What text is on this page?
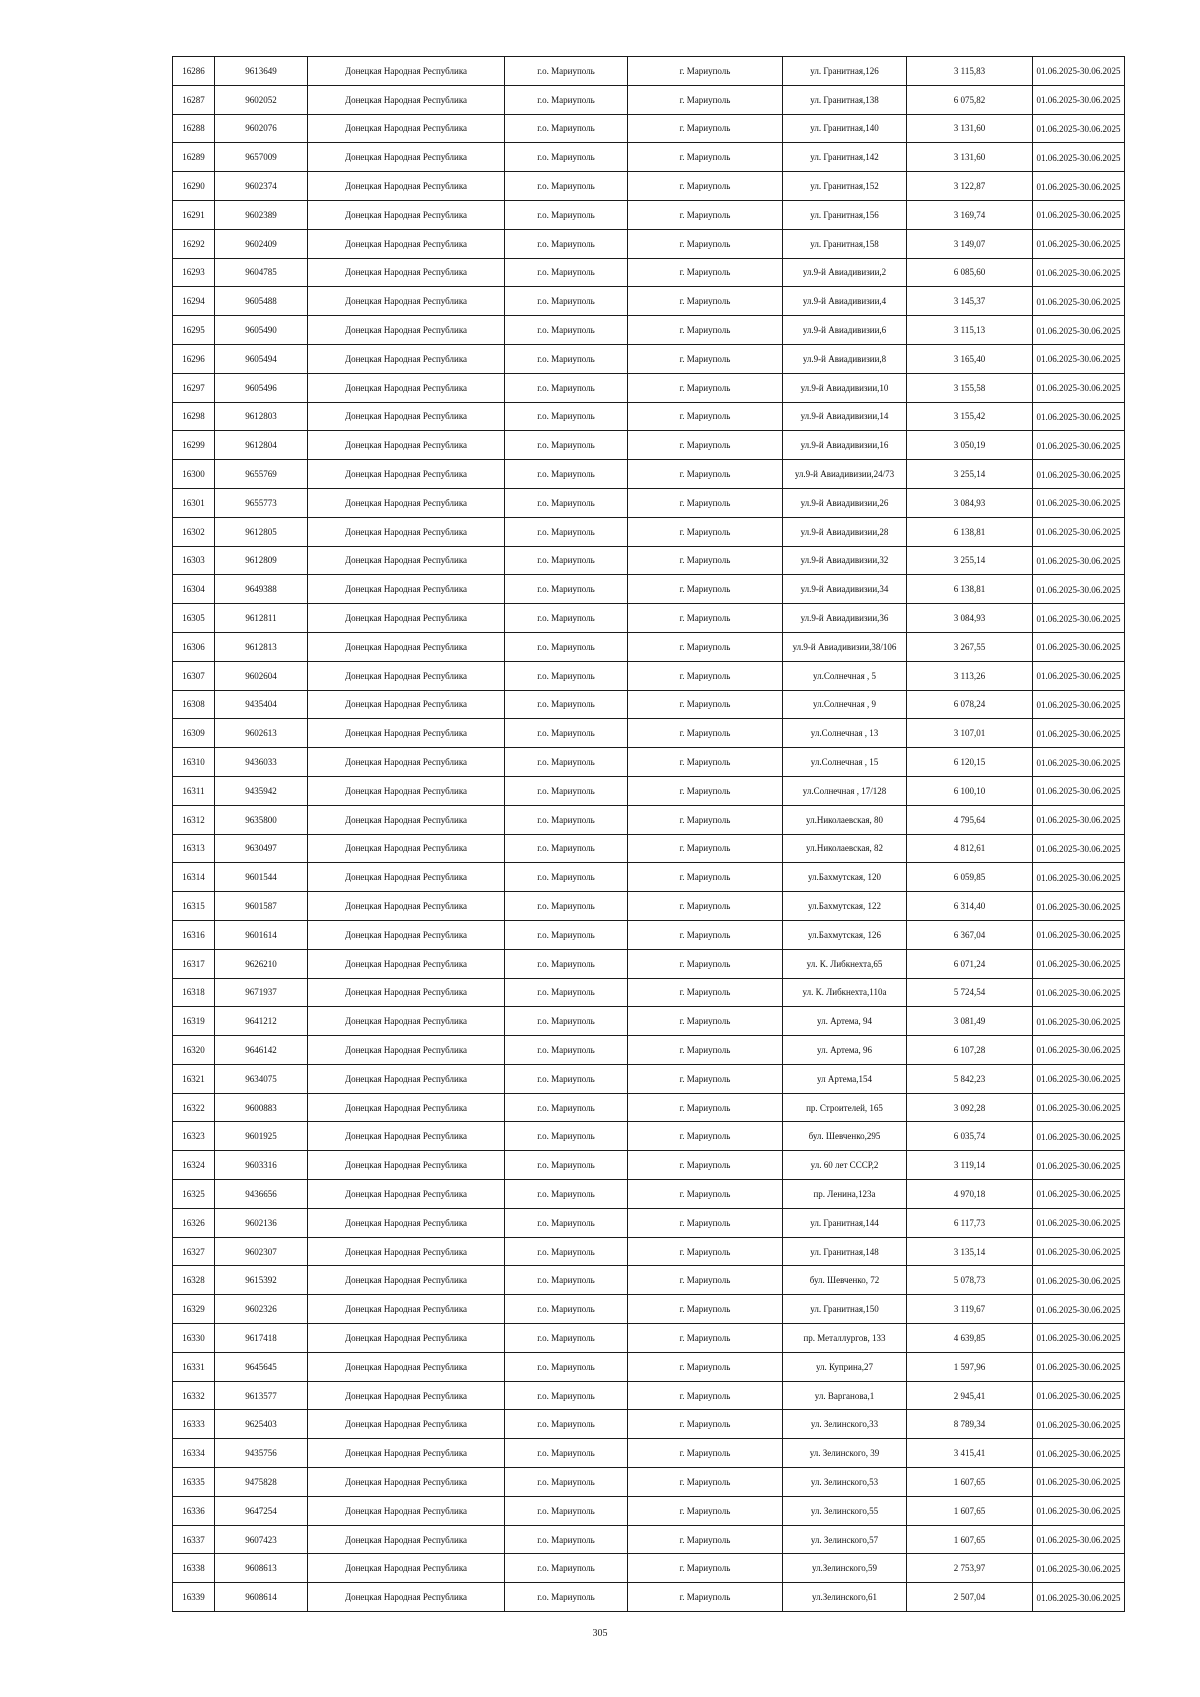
16286	9613649	Донецкая Народная Республика	г.о. Мариуполь	г. Мариуполь	ул. Гранитная,126	3 115,83	01.06.2025-30.06.2025	
16287	9602052	Донецкая Народная Республика	г.о. Мариуполь	г. Мариуполь	ул. Гранитная,138	6 075,82	01.06.2025-30.06.2025	
16288	9602076	Донецкая Народная Республика	г.о. Мариуполь	г. Мариуполь	ул. Гранитная,140	3 131,60	01.06.2025-30.06.2025	
16289	9657009	Донецкая Народная Республика	г.о. Мариуполь	г. Мариуполь	ул. Гранитная,142	3 131,60	01.06.2025-30.06.2025	
16290	9602374	Донецкая Народная Республика	г.о. Мариуполь	г. Мариуполь	ул. Гранитная,152	3 122,87	01.06.2025-30.06.2025	
16291	9602389	Донецкая Народная Республика	г.о. Мариуполь	г. Мариуполь	ул. Гранитная,156	3 169,74	01.06.2025-30.06.2025	
16292	9602409	Донецкая Народная Республика	г.о. Мариуполь	г. Мариуполь	ул. Гранитная,158	3 149,07	01.06.2025-30.06.2025	
16293	9604785	Донецкая Народная Республика	г.о. Мариуполь	г. Мариуполь	ул.9-й Авиадивизии,2	6 085,60	01.06.2025-30.06.2025	
16294	9605488	Донецкая Народная Республика	г.о. Мариуполь	г. Мариуполь	ул.9-й Авиадивизии,4	3 145,37	01.06.2025-30.06.2025	
16295	9605490	Донецкая Народная Республика	г.о. Мариуполь	г. Мариуполь	ул.9-й Авиадивизии,6	3 115,13	01.06.2025-30.06.2025	
16296	9605494	Донецкая Народная Республика	г.о. Мариуполь	г. Мариуполь	ул.9-й Авиадивизии,8	3 165,40	01.06.2025-30.06.2025	
16297	9605496	Донецкая Народная Республика	г.о. Мариуполь	г. Мариуполь	ул.9-й Авиадивизии,10	3 155,58	01.06.2025-30.06.2025	
16298	9612803	Донецкая Народная Республика	г.о. Мариуполь	г. Мариуполь	ул.9-й Авиадивизии,14	3 155,42	01.06.2025-30.06.2025	
16299	9612804	Донецкая Народная Республика	г.о. Мариуполь	г. Мариуполь	ул.9-й Авиадивизии,16	3 050,19	01.06.2025-30.06.2025	
16300	9655769	Донецкая Народная Республика	г.о. Мариуполь	г. Мариуполь	ул.9-й Авиадивизии,24/73	3 255,14	01.06.2025-30.06.2025	
16301	9655773	Донецкая Народная Республика	г.о. Мариуполь	г. Мариуполь	ул.9-й Авиадивизии,26	3 084,93	01.06.2025-30.06.2025	
16302	9612805	Донецкая Народная Республика	г.о. Мариуполь	г. Мариуполь	ул.9-й Авиадивизии,28	6 138,81	01.06.2025-30.06.2025	
16303	9612809	Донецкая Народная Республика	г.о. Мариуполь	г. Мариуполь	ул.9-й Авиадивизии,32	3 255,14	01.06.2025-30.06.2025	
16304	9649388	Донецкая Народная Республика	г.о. Мариуполь	г. Мариуполь	ул.9-й Авиадивизии,34	6 138,81	01.06.2025-30.06.2025	
16305	9612811	Донецкая Народная Республика	г.о. Мариуполь	г. Мариуполь	ул.9-й Авиадивизии,36	3 084,93	01.06.2025-30.06.2025	
16306	9612813	Донецкая Народная Республика	г.о. Мариуполь	г. Мариуполь	ул.9-й Авиадивизии,38/106	3 267,55	01.06.2025-30.06.2025	
16307	9602604	Донецкая Народная Республика	г.о. Мариуполь	г. Мариуполь	ул.Солнечная , 5	3 113,26	01.06.2025-30.06.2025	
16308	9435404	Донецкая Народная Республика	г.о. Мариуполь	г. Мариуполь	ул.Солнечная , 9	6 078,24	01.06.2025-30.06.2025	
16309	9602613	Донецкая Народная Республика	г.о. Мариуполь	г. Мариуполь	ул.Солнечная , 13	3 107,01	01.06.2025-30.06.2025	
16310	9436033	Донецкая Народная Республика	г.о. Мариуполь	г. Мариуполь	ул.Солнечная , 15	6 120,15	01.06.2025-30.06.2025	
16311	9435942	Донецкая Народная Республика	г.о. Мариуполь	г. Мариуполь	ул.Солнечная , 17/128	6 100,10	01.06.2025-30.06.2025	
16312	9635800	Донецкая Народная Республика	г.о. Мариуполь	г. Мариуполь	ул.Николаевская, 80	4 795,64	01.06.2025-30.06.2025	
16313	9630497	Донецкая Народная Республика	г.о. Мариуполь	г. Мариуполь	ул.Николаевская, 82	4 812,61	01.06.2025-30.06.2025	
16314	9601544	Донецкая Народная Республика	г.о. Мариуполь	г. Мариуполь	ул.Бахмутская, 120	6 059,85	01.06.2025-30.06.2025	
16315	9601587	Донецкая Народная Республика	г.о. Мариуполь	г. Мариуполь	ул.Бахмутская, 122	6 314,40	01.06.2025-30.06.2025	
16316	9601614	Донецкая Народная Республика	г.о. Мариуполь	г. Мариуполь	ул.Бахмутская, 126	6 367,04	01.06.2025-30.06.2025	
16317	9626210	Донецкая Народная Республика	г.о. Мариуполь	г. Мариуполь	ул. К. Либкнехта,65	6 071,24	01.06.2025-30.06.2025	
16318	9671937	Донецкая Народная Республика	г.о. Мариуполь	г. Мариуполь	ул. К. Либкнехта,110а	5 724,54	01.06.2025-30.06.2025	
16319	9641212	Донецкая Народная Республика	г.о. Мариуполь	г. Мариуполь	ул. Артема, 94	3 081,49	01.06.2025-30.06.2025	
16320	9646142	Донецкая Народная Республика	г.о. Мариуполь	г. Мариуполь	ул. Артема, 96	6 107,28	01.06.2025-30.06.2025	
16321	9634075	Донецкая Народная Республика	г.о. Мариуполь	г. Мариуполь	ул Артема,154	5 842,23	01.06.2025-30.06.2025	
16322	9600883	Донецкая Народная Республика	г.о. Мариуполь	г. Мариуполь	пр. Строителей, 165	3 092,28	01.06.2025-30.06.2025	
16323	9601925	Донецкая Народная Республика	г.о. Мариуполь	г. Мариуполь	бул. Шевченко,295	6 035,74	01.06.2025-30.06.2025	
16324	9603316	Донецкая Народная Республика	г.о. Мариуполь	г. Мариуполь	ул. 60 лет СССР,2	3 119,14	01.06.2025-30.06.2025	
16325	9436656	Донецкая Народная Республика	г.о. Мариуполь	г. Мариуполь	пр. Ленина,123а	4 970,18	01.06.2025-30.06.2025	
16326	9602136	Донецкая Народная Республика	г.о. Мариуполь	г. Мариуполь	ул. Гранитная,144	6 117,73	01.06.2025-30.06.2025	
16327	9602307	Донецкая Народная Республика	г.о. Мариуполь	г. Мариуполь	ул. Гранитная,148	3 135,14	01.06.2025-30.06.2025	
16328	9615392	Донецкая Народная Республика	г.о. Мариуполь	г. Мариуполь	бул. Шевченко, 72	5 078,73	01.06.2025-30.06.2025	
16329	9602326	Донецкая Народная Республика	г.о. Мариуполь	г. Мариуполь	ул. Гранитная,150	3 119,67	01.06.2025-30.06.2025	
16330	9617418	Донецкая Народная Республика	г.о. Мариуполь	г. Мариуполь	пр. Металлургов, 133	4 639,85	01.06.2025-30.06.2025	
16331	9645645	Донецкая Народная Республика	г.о. Мариуполь	г. Мариуполь	ул. Куприна,27	1 597,96	01.06.2025-30.06.2025	
16332	9613577	Донецкая Народная Республика	г.о. Мариуполь	г. Мариуполь	ул. Варганова,1	2 945,41	01.06.2025-30.06.2025	
16333	9625403	Донецкая Народная Республика	г.о. Мариуполь	г. Мариуполь	ул. Зелинского,33	8 789,34	01.06.2025-30.06.2025	
16334	9435756	Донецкая Народная Республика	г.о. Мариуполь	г. Мариуполь	ул. Зелинского, 39	3 415,41	01.06.2025-30.06.2025	
16335	9475828	Донецкая Народная Республика	г.о. Мариуполь	г. Мариуполь	ул. Зелинского,53	1 607,65	01.06.2025-30.06.2025	
16336	9647254	Донецкая Народная Республика	г.о. Мариуполь	г. Мариуполь	ул. Зелинского,55	1 607,65	01.06.2025-30.06.2025	
16337	9607423	Донецкая Народная Республика	г.о. Мариуполь	г. Мариуполь	ул. Зелинского,57	1 607,65	01.06.2025-30.06.2025	
16338	9608613	Донецкая Народная Республика	г.о. Мариуполь	г. Мариуполь	ул.Зелинского,59	2 753,97	01.06.2025-30.06.2025	
16339	9608614	Донецкая Народная Республика	г.о. Мариуполь	г. Мариуполь	ул.Зелинского,61	2 507,04	01.06.2025-30.06.2025	
305
